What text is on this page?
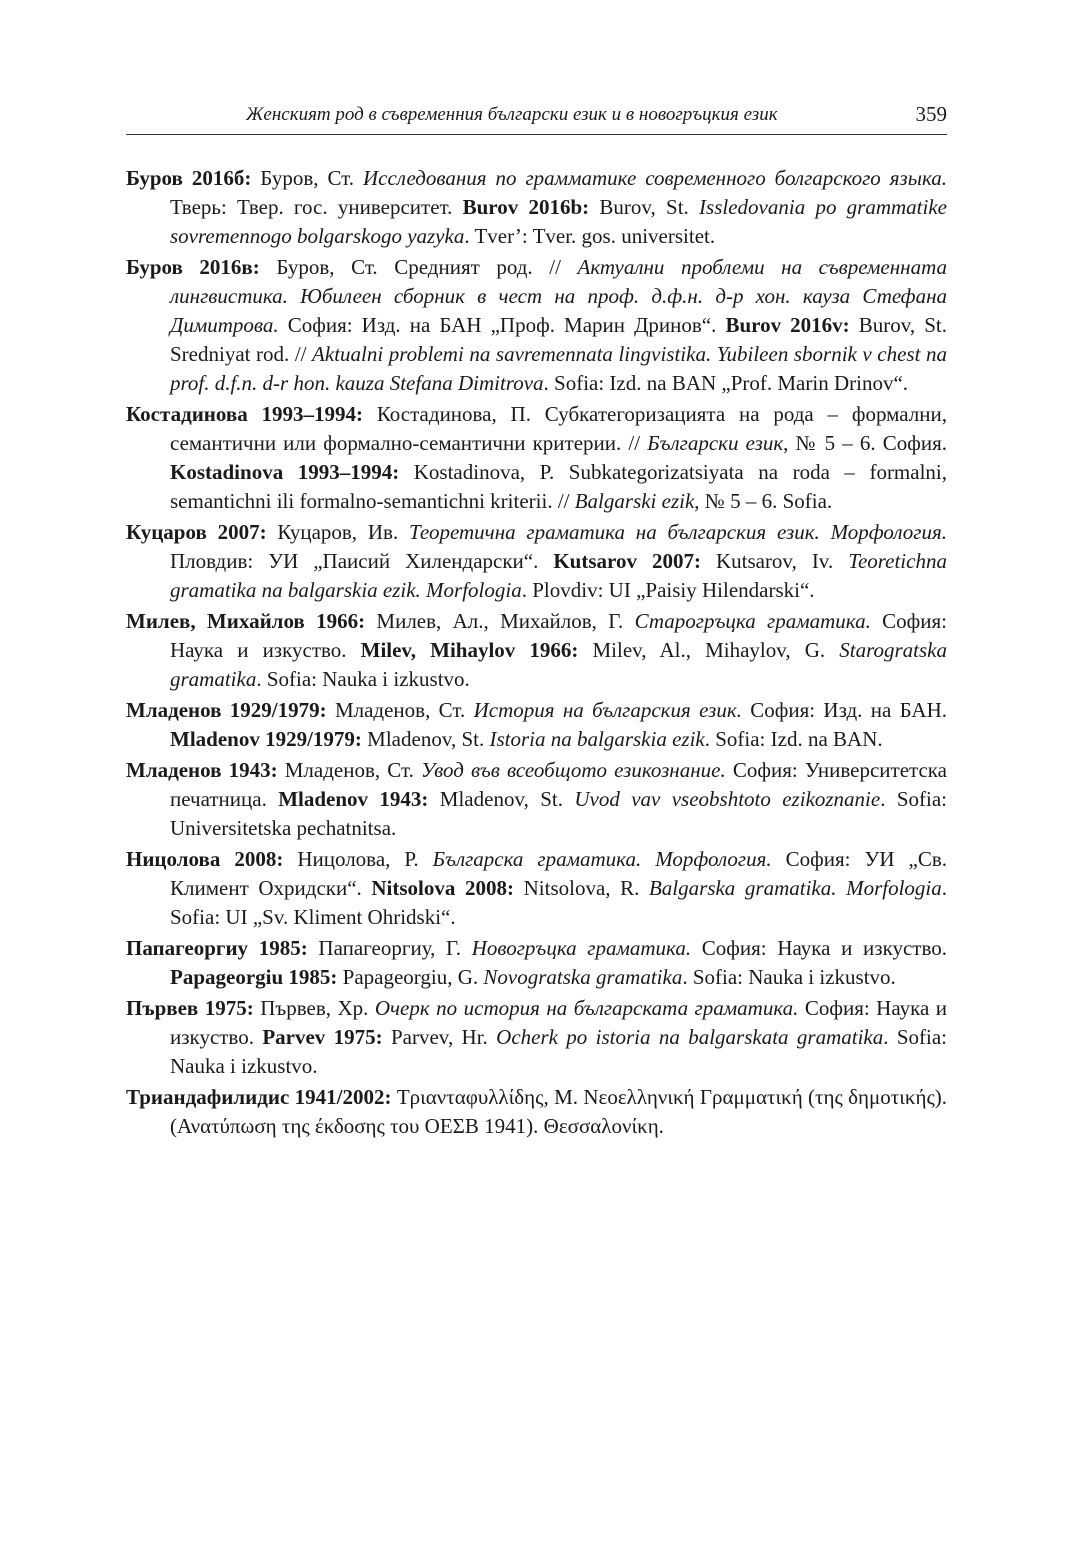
Женският род в съвременния български език и в новогръцкия език	359

Буров 2016б: Буров, Ст. Исследования по грамматике современного болгарского языка. Тверь: Твер. гос. университет. Burov 2016b: Burov, St. Issledovania po grammatike sovremennogo bolgarskogo yazyka. Tver’: Tver. gos. universitet.

Буров 2016в: Буров, Ст. Средният род. // Актуални проблеми на съвременната лингвистика. Юбилеен сборник в чест на проф. д.ф.н. д-р хон. кауза Стефана Димитрова. София: Изд. на БАН „Проф. Марин Дринов“. Burov 2016v: Burov, St. Sredniyat rod. // Aktualni problemi na savremennata lingvistika. Yubileen sbornik v chest na prof. d.f.n. d-r hon. kauza Stefana Dimitrova. Sofia: Izd. na BAN „Prof. Marin Drinov“.

Костадинова 1993–1994: Костадинова, П. Субкатегоризацията на рода – формални, семантични или формално-семантични критерии. // Български език, № 5 – 6. София. Kostadinova 1993–1994: Kostadinova, P. Subkategorizatsiyata na roda – formalni, semantichni ili formalno-semantichni kriterii. // Balgarski ezik, № 5 – 6. Sofia.

Куцаров 2007: Куцаров, Ив. Теоретична граматика на българския език. Морфология. Пловдив: УИ „Паисий Хилендарски“. Kutsarov 2007: Kutsarov, Iv. Teoretichna gramatika na balgarskia ezik. Morfologia. Plovdiv: UI „Paisiy Hilendarski“.

Милев, Михайлов 1966: Милев, Ал., Михайлов, Г. Старогръцка граматика. София: Наука и изкуство. Milev, Mihaylov 1966: Milev, Al., Mihaylov, G. Starogratska gramatika. Sofia: Nauka i izkustvo.

Младенов 1929/1979: Младенов, Ст. История на българския език. София: Изд. на БАН. Mladenov 1929/1979: Mladenov, St. Istoria na balgarskia ezik. Sofia: Izd. na BAN.

Младенов 1943: Младенов, Ст. Увод във всеобщото езикознание. София: Университетска печатница. Mladenov 1943: Mladenov, St. Uvod vav vseobshtoto ezikoznanie. Sofia: Universitetska pechatnitsa.

Ницолова 2008: Ницолова, Р. Българска граматика. Морфология. София: УИ „Св. Климент Охридски“. Nitsolova 2008: Nitsolova, R. Balgarska gramatika. Morfologia. Sofia: UI „Sv. Kliment Ohridski“.

Папагеоргиу 1985: Папагеоргиу, Г. Новогръцка граматика. София: Наука и изкуство. Papageorgiu 1985: Papageorgiu, G. Novogratska gramatika. Sofia: Nauka i izkustvo.

Първев 1975: Първев, Хр. Очерк по история на българската граматика. София: Наука и изкуство. Parvev 1975: Parvev, Hr. Ocherk po istoria na balgarskata gramatika. Sofia: Nauka i izkustvo.

Триандафилидис 1941/2002: Τριανταφυλλίδης, Μ. Νεοελληνική Γραμματική (της δημοτικής). (Ανατύπωση της έκδοσης του ΟΕΣΒ 1941). Θεσσαλονίκη.
